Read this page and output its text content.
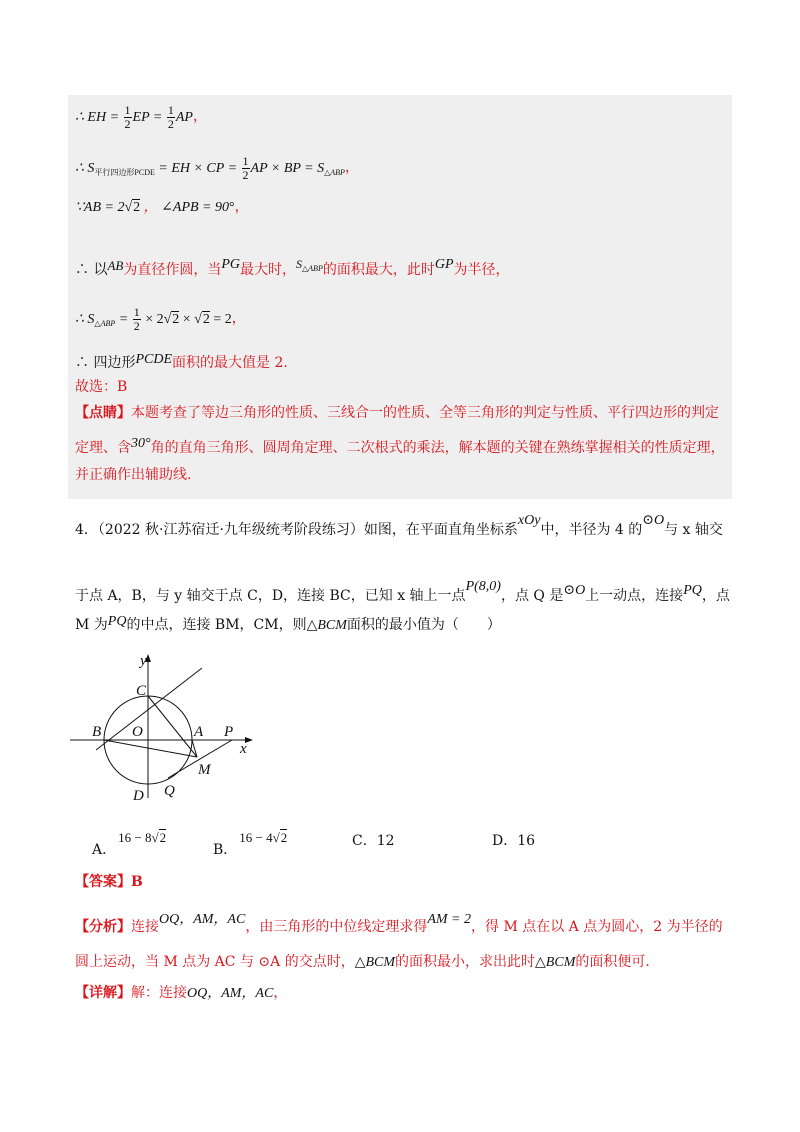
∴ EH = $\frac{1}{2}$ EP = $\frac{1}{2}$ AP，
∴ $S_{平行四边形PCDE}$ = EH × CP = $\frac{1}{2}$ AP × BP = $S_{\triangle ABP}$，
∵AB = 2√2 ， ∠APB = 90°，
∴ 以AB为直径作圆，当PG最大时，$S_{\triangle ABP}$的面积最大，此时GP为半径，
∴ $S_{\triangle ABP} = \frac{1}{2} \times 2√2 \times √2 = 2$，
∴ 四边形PCDE面积的最大值是 2.
故选：B
【点睛】本题考查了等边三角形的性质、三线合一的性质、全等三角形的判定与性质、平行四边形的判定
定理、含30°角的直角三角形、圆周角定理、二次根式的乘法，解本题的关键在熟练掌握相关的性质定理，
并正确作出辅助线.
4．（2022 秋·江苏宿迁·九年级统考阶段练习）如图，在平面直角坐标系xOy中，半径为 4 的⊙O与 x 轴交
于点 A，B，与 y 轴交于点 C，D，连接 BC，已知 x 轴上一点P(8,0)，点 Q 是⊙O上一动点，连接PQ，点
M 为PQ的中点，连接 BM，CM，则△BCM面积的最小值为（　　）
y
x
C
O
B	A P
M
Q
D
A．16 − 8√2
B．16 − 4√2	C．12	D．16
【答案】B
【分析】连接OQ，AM，AC，由三角形的中位线定理求得AM = 2，得 M 点在以 A 点为圆心，2 为半径的
圆上运动，当 M 点为 AC 与 ⊙A 的交点时，△BCM的面积最小，求出此时△BCM的面积便可.
【详解】解：连接OQ，AM，AC，
